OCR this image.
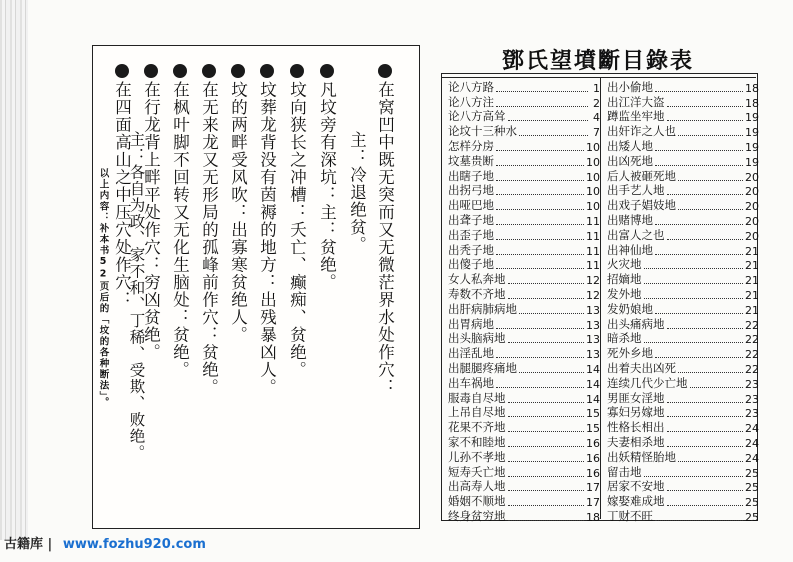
在窝凹中既无突而又无微茫界水处作穴：
主：冷退绝贫。
凡坟旁有深坑：主：贫绝。
坟向狭长之冲槽：夭亡、癫痴、贫绝。
坟葬龙背没有茵褥的地方：出残暴凶人。
坟的两畔受风吹：出寡寒贫绝人。
在无来龙又无形局的孤峰前作穴：贫绝。
在枫叶脚不回转又无化生脑处：贫绝。
在行龙背上畔平处作穴：穷凶贫绝。
在四面高山之中压穴处作穴：
主：各自为政、家不和、丁稀、受欺、败绝。
以上内容：补本书52页后的「坟的各种断法」。
鄧氏望墳斷目錄表
论八方路	1
论八方注	2
论八方高耸	4
论坟十三种水	7
怎样分房	10
坟墓贵断	10
出瞎子地	10
出拐弓地	10
出哑巴地	10
出聋子地	11
出歪子地	11
出秃子地	11
出傻子地	11
女人私奔地	12
寿数不齐地	12
出肝病肺病地	13
出胃病地	13
出头脑病地	13
出淫乱地	13
出腿腿疼痛地	14
出车祸地	14
服毒自尽地	14
上吊自尽地	15
花果不齐地	15
家不和睦地	16
儿孙不孝地	16
短寿夭亡地	16
出高寿人地	17
婚姻不顺地	17
终身贫穷地	18
出小偷地	18
出江洋大盗	18
蹲监坐牢地	19
出奸诈之人也	19
出矮人地	19
出凶死地	19
后人被砸死地	20
出手艺人地	20
出戏子娼妓地	20
出赌博地	20
出富人之也	20
出神仙地	21
火灾地	21
招嫡地	21
发外地	21
发奶娘地	21
出头痛病地	22
暗杀地	22
死外乡地	22
出着夫出凶死	22
连续几代少亡地	23
男匪女淫地	23
寡妇另嫁地	23
性格长相出	24
夫妻相杀地	24
出妖精怪胎地	24
留击地	25
居家不安地	25
嫁娶难成地	25
丁财不旺	25
古籍库 | www.fozhu920.com
